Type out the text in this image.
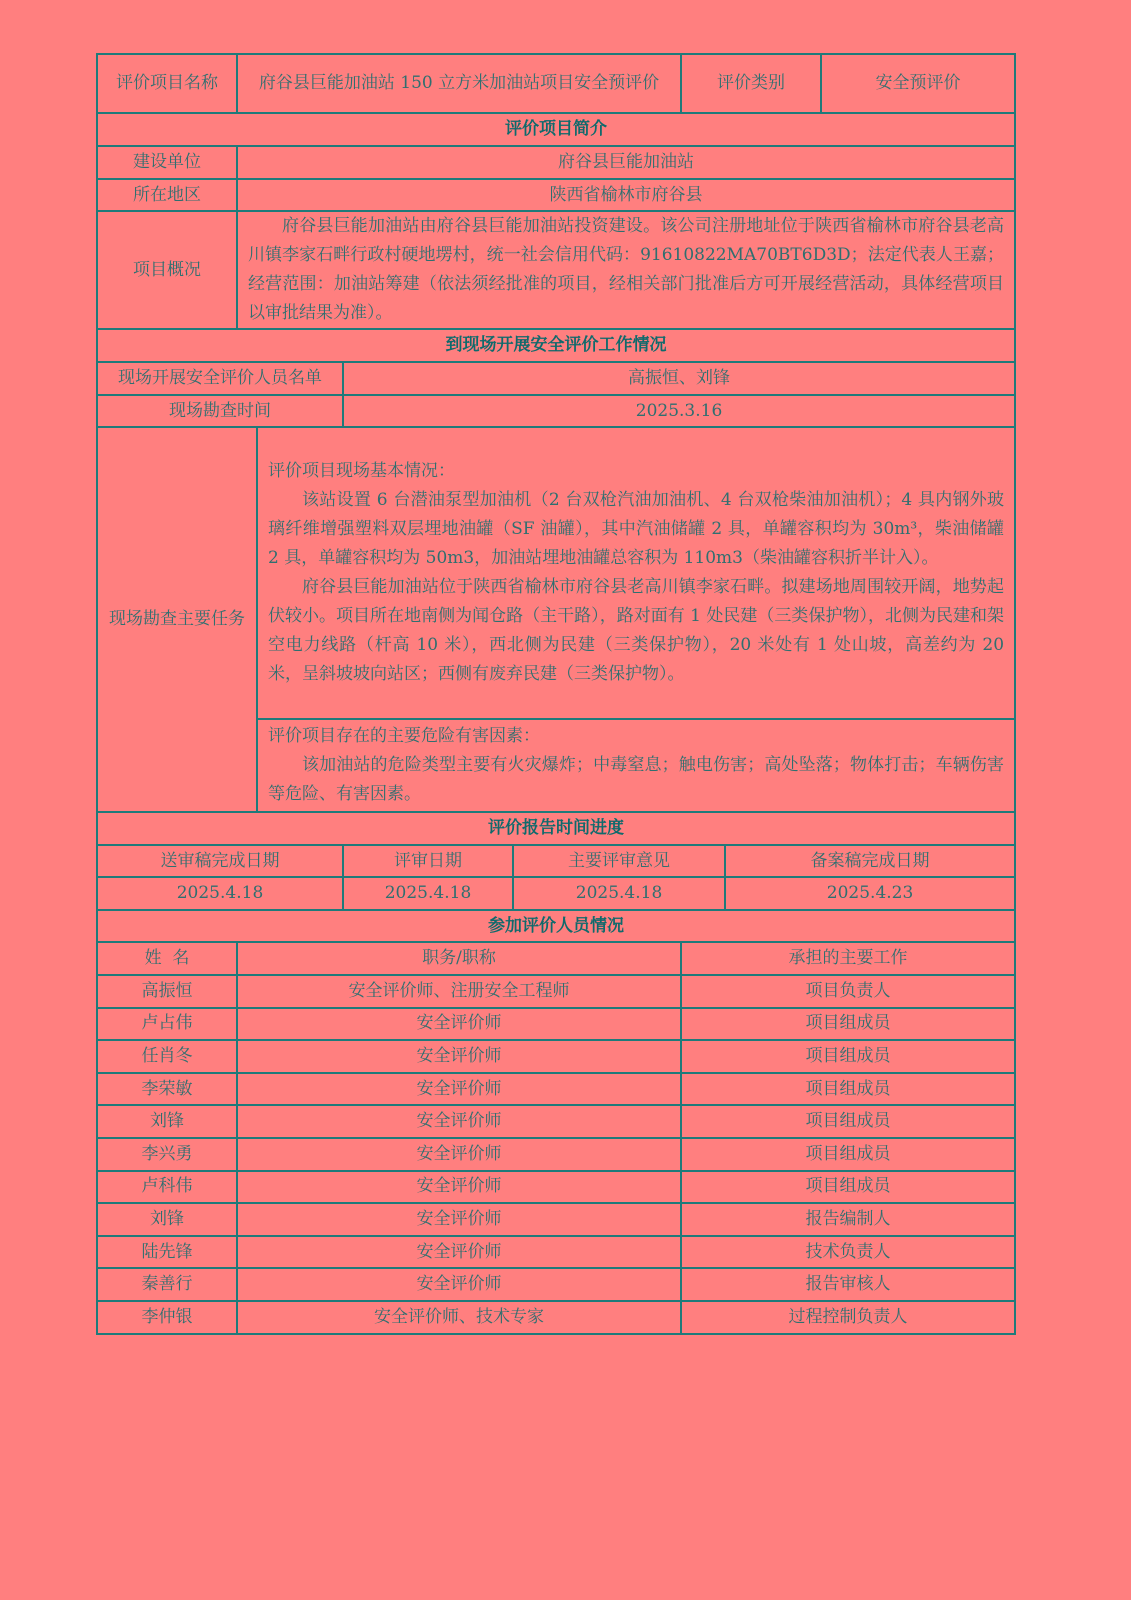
评价项目名称	府谷县巨能加油站 150 立方米加油站项目安全预评价				评价类别		安全预评价
评价项目简介							
建设单位	府谷县巨能加油站						
所在地区	陕西省榆林市府谷县						
项目概况	府谷县巨能加油站由府谷县巨能加油站投资建设。该公司注册地址位于陕西省榆林市府谷县老高川镇李家石畔行政村硬地塄村，统一社会信用代码：91610822MA70BT6D3D；法定代表人王嘉；经营范围：加油站筹建（依法须经批准的项目，经相关部门批准后方可开展经营活动，具体经营项目以审批结果为准）。						

到现场开展安全评价工作情况							
现场开展安全评价人员名单			高振恒、刘锋				
现场勘查时间			2025.3.16				
现场勘查主要任务		评价项目现场基本情况：

该站设置 6 台潜油泵型加油机（2 台双枪汽油加油机、4 台双枪柴油加油机）；4 具内钢外玻璃纤维增强塑料双层埋地油罐（SF 油罐），其中汽油储罐 2 具，单罐容积均为 30m³，柴油储罐 2 具，单罐容积均为 50m3，加油站埋地油罐总容积为 110m3（柴油罐容积折半计入）。

府谷县巨能加油站位于陕西省榆林市府谷县老高川镇李家石畔。拟建场地周围较开阔，地势起伏较小。项目所在地南侧为闻仓路（主干路），路对面有 1 处民建（三类保护物），北侧为民建和架空电力线路（杆高 10 米），西北侧为民建（三类保护物），20 米处有 1 处山坡，高差约为 20 米，呈斜坡坡向站区；西侧有废弃民建（三类保护物）。					

		评价项目存在的主要危险有害因素：

该加油站的危险类型主要有火灾爆炸；中毒窒息；触电伤害；高处坠落；物体打击；车辆伤害等危险、有害因素。					

评价报告时间进度							
送审稿完成日期			评审日期	主要评审意见		备案稿完成日期	
2025.4.18			2025.4.18	2025.4.18		2025.4.23	
参加评价人员情况							
姓  名	职务/职称				承担的主要工作		
高振恒	安全评价师、注册安全工程师				项目负责人		
卢占伟	安全评价师				项目组成员		
任肖冬	安全评价师				项目组成员		
李荣敏	安全评价师				项目组成员		
刘锋	安全评价师				项目组成员		
李兴勇	安全评价师				项目组成员		
卢科伟	安全评价师				项目组成员		
刘锋	安全评价师				报告编制人		
陆先锋	安全评价师				技术负责人		
秦善行	安全评价师				报告审核人		
李仲银	安全评价师、技术专家				过程控制负责人		
